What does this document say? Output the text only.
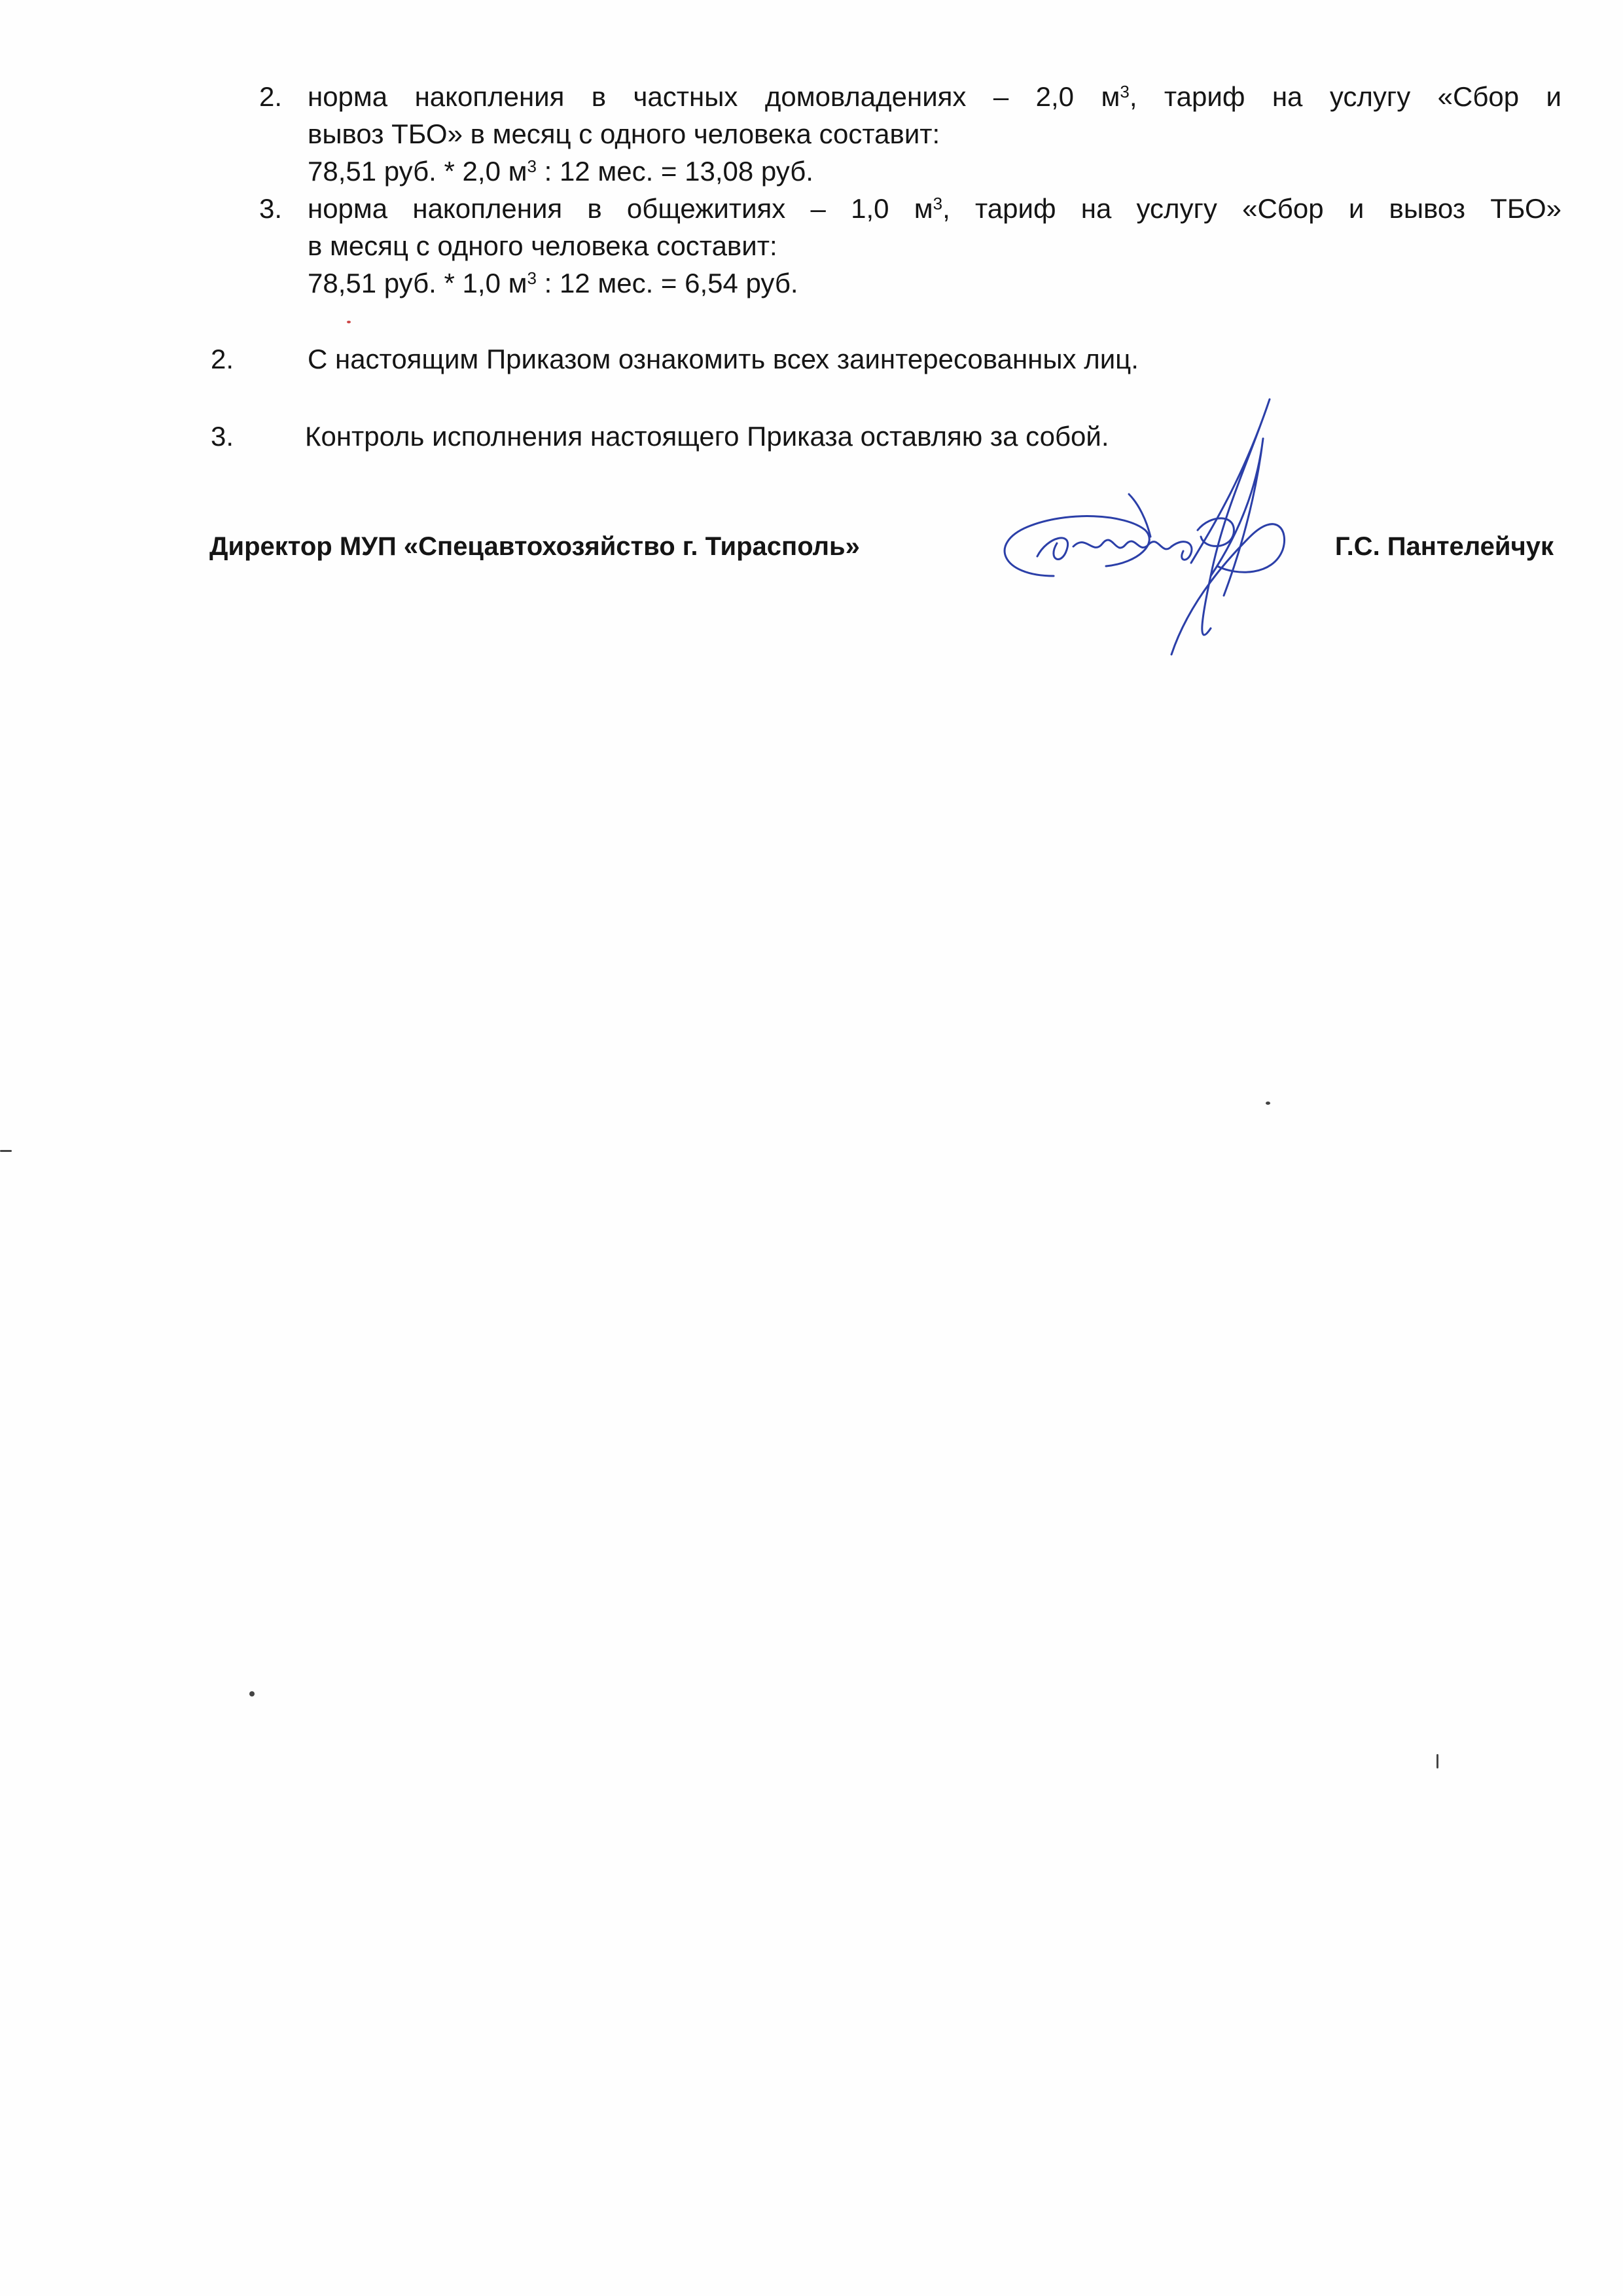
2. норма накопления в частных домовладениях – 2,0 $м^3$, тариф на услугу «Сбор и
вывоз ТБО» в месяц с одного человека составит:
78,51 руб. * 2,0 $м^3$ : 12 мес. = 13,08 руб.
3. норма накопления в общежитиях – 1,0 $м^3$, тариф на услугу «Сбор и вывоз ТБО»
в месяц с одного человека составит:
78,51 руб. * 1,0 $м^3$ : 12 мес. = 6,54 руб.
2.	С настоящим Приказом ознакомить всех заинтересованных лиц.
3.	Контроль исполнения настоящего Приказа оставляю за собой.
Директор МУП «Спецавтохозяйство г. Тирасполь»	Г.С. Пантелейчук
